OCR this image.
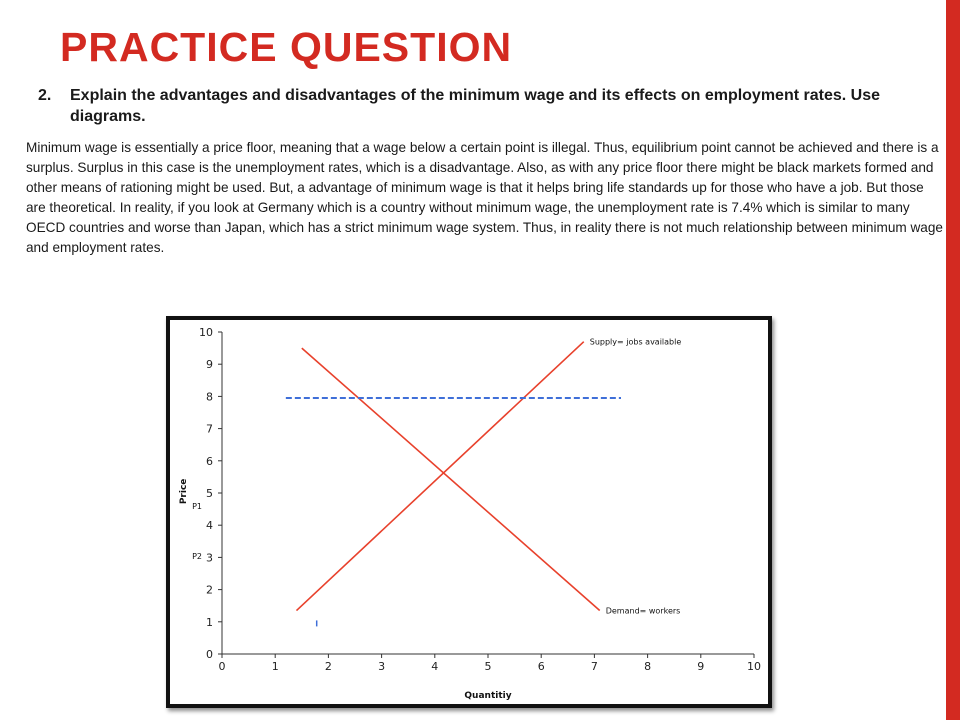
PRACTICE QUESTION
2. Explain the advantages and disadvantages of the minimum wage and its effects on employment rates. Use diagrams.

Minimum wage is essentially a price floor, meaning that a wage below a certain point is illegal. Thus, equilibrium point cannot be achieved and there is a surplus. Surplus in this case is the unemployment rates, which is a disadvantage. Also, as with any price floor there might be black markets formed and other means of rationing might be used. But, a advantage of minimum wage is that it helps bring life standards up for those who have a job. But those are theoretical. In reality, if you look at Germany which is a country without minimum wage, the unemployment rate is 7.4% which is similar to many OECD countries and worse than Japan, which has a strict minimum wage system. Thus, in reality there is not much relationship between minimum wage and employment rates.

0	1	2	3	4	5	6	7	8	9	10
0
1
2
3
4
5
6
7
8
9
10
Quantitiy
Price
P1
P2
Supply= jobs available
Demand= workers
